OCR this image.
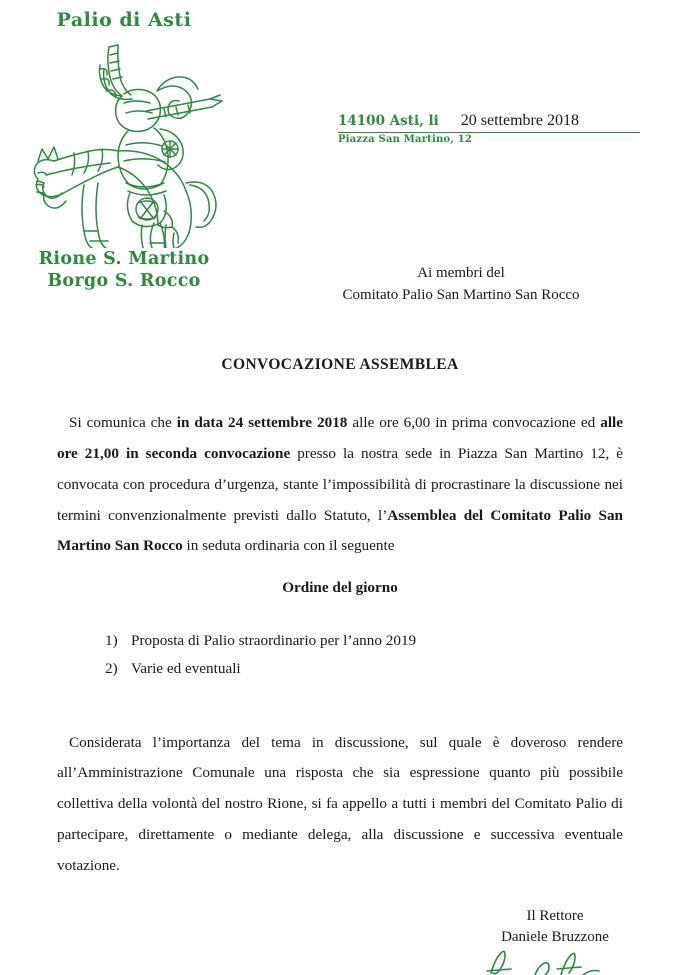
Palio di Asti
Rione S. Martino
Borgo S. Rocco
14100 Asti, li 20 settembre 2018
Piazza San Martino, 12
Ai membri del
Comitato Palio San Martino San Rocco
CONVOCAZIONE ASSEMBLEA

Si comunica che in data 24 settembre 2018 alle ore 6,00 in prima convocazione ed alle ore 21,00 in seconda convocazione presso la nostra sede in Piazza San Martino 12, è convocata con procedura d’urgenza, stante l’impossibilità di procrastinare la discussione nei termini convenzionalmente previsti dallo Statuto, l’Assemblea del Comitato Palio San Martino San Rocco in seduta ordinaria con il seguente

Ordine del giorno

1) Proposta di Palio straordinario per l’anno 2019
2) Varie ed eventuali

Considerata l’importanza del tema in discussione, sul quale è doveroso rendere all’Amministrazione Comunale una risposta che sia espressione quanto più possibile collettiva della volontà del nostro Rione, si fa appello a tutti i membri del Comitato Palio di partecipare, direttamente o mediante delega, alla discussione e successiva eventuale votazione.

Il Rettore
Daniele Bruzzone
